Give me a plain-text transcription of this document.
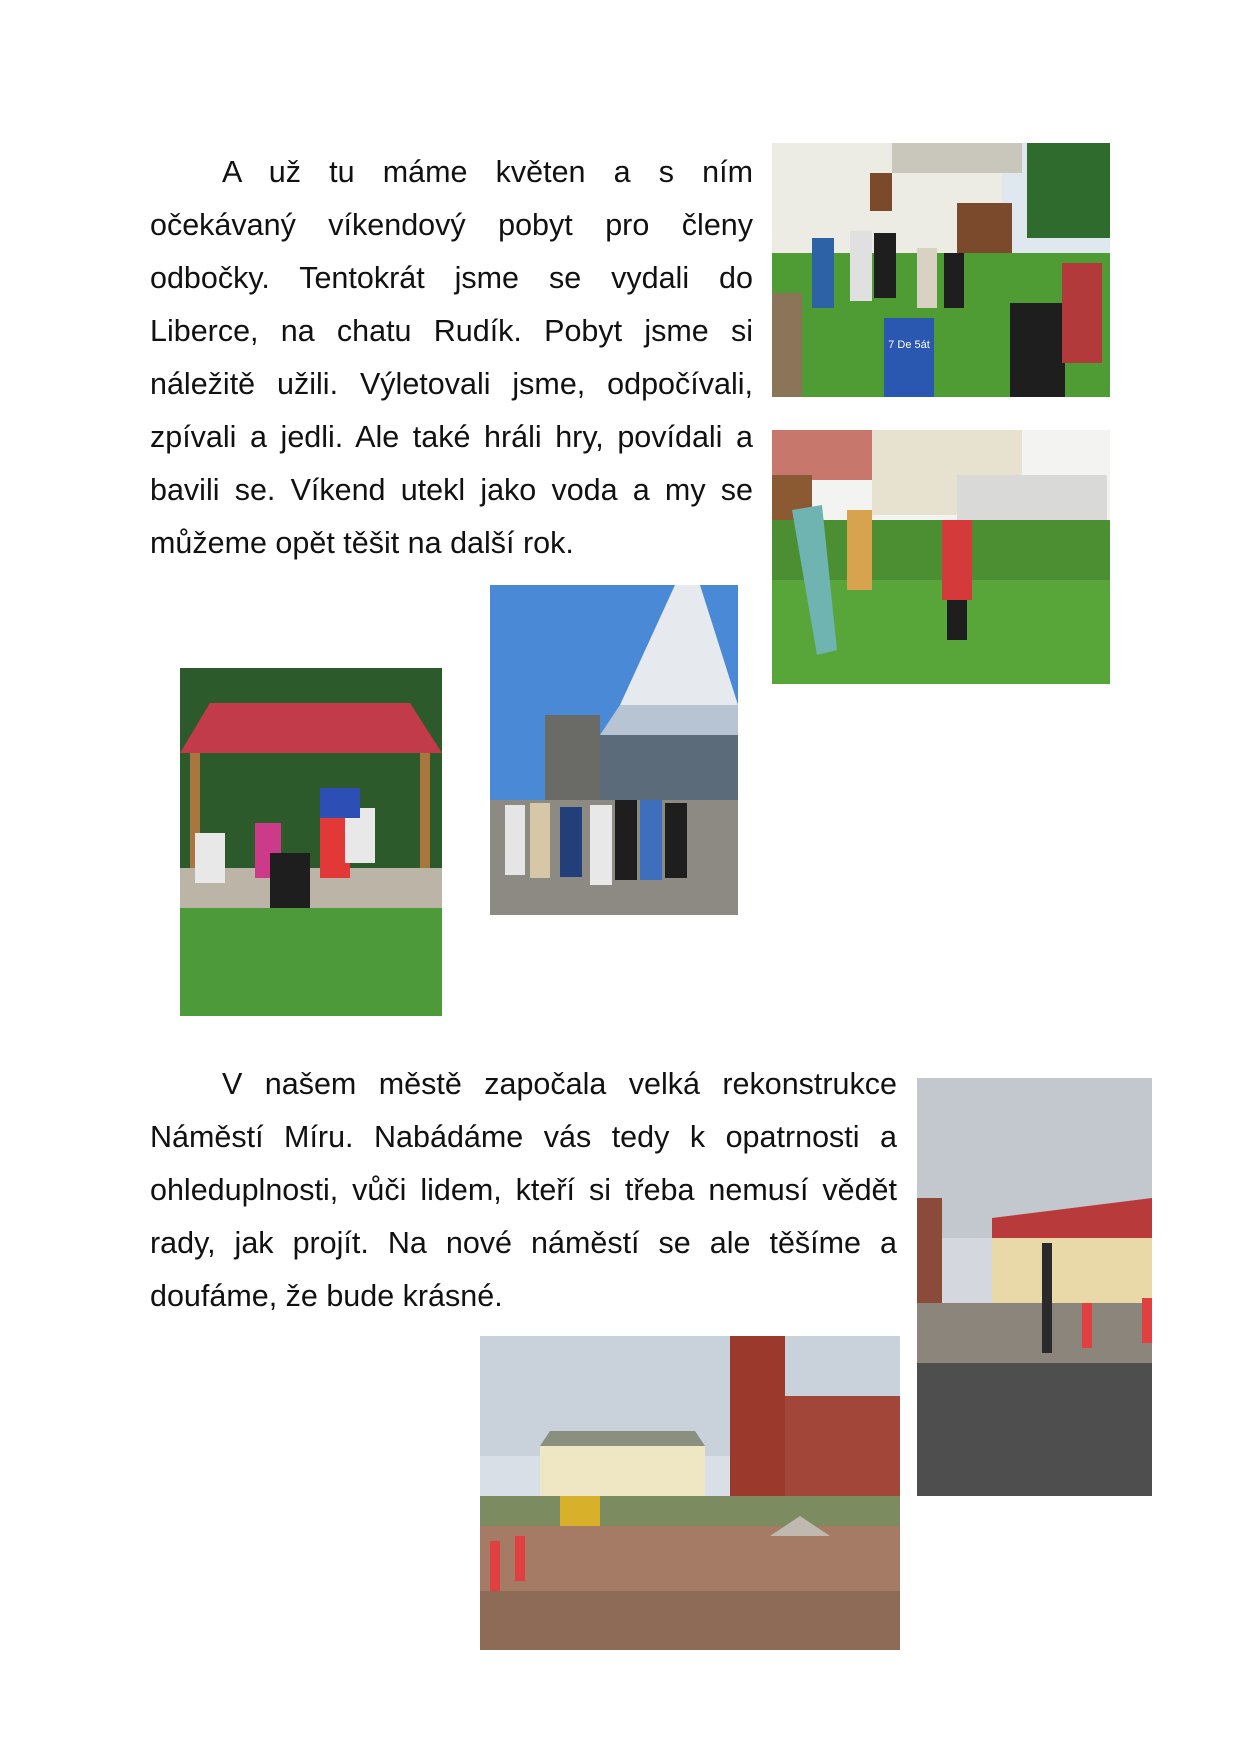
A už tu máme květen a s ním očekávaný víkendový pobyt pro členy odbočky. Tentokrát jsme se vydali do Liberce, na chatu Rudík. Pobyt jsme si náležitě užili. Výletovali jsme, odpočívali, zpívali a jedli. Ale také hráli hry, povídali a bavili se. Víkend utekl jako voda a my se můžeme opět těšit na další rok.

V našem městě započala velká rekonstrukce Náměstí Míru. Nabádáme vás tedy k opatrnosti a ohleduplnosti, vůči lidem, kteří si třeba nemusí vědět rady, jak projít. Na nové náměstí se ale těšíme a doufáme, že bude krásné.

7 De 5át
